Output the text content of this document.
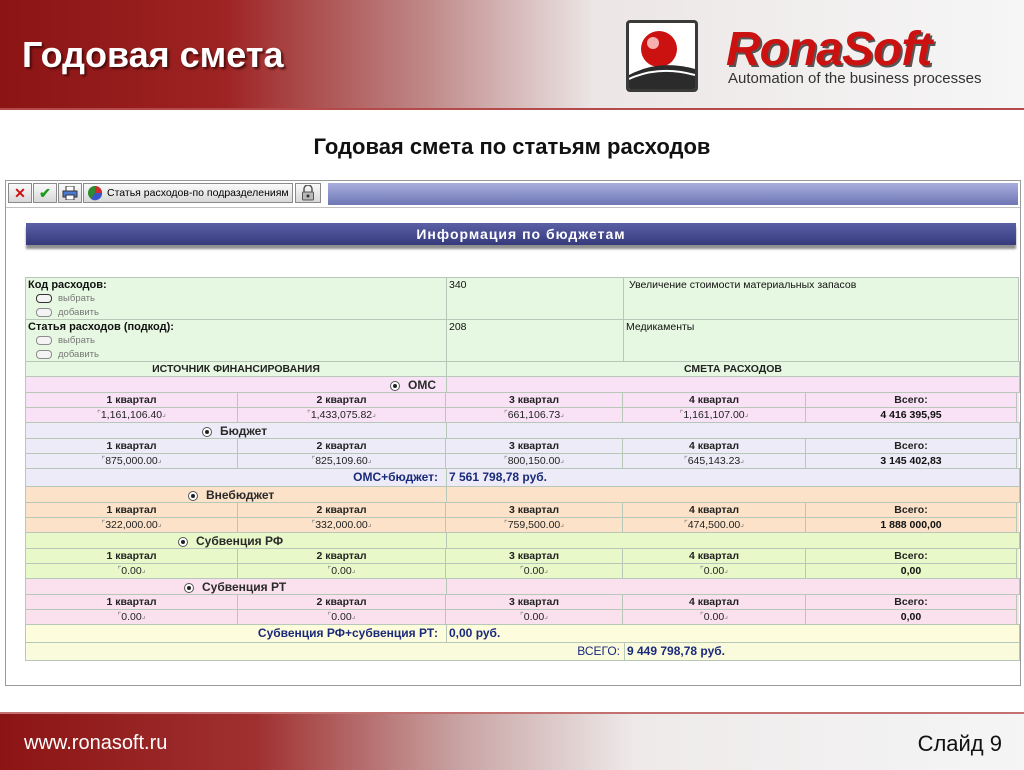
Годовая смета	RonaSoft
Automation of the business processes
Годовая смета по статьям расходов
✕ ✔	Статья расходов-по подразделениям
Информация по бюджетам
Код расходов:
выбрать
добавить
340	Увеличение стоимости материальных запасов
Статья расходов (подкод):
выбрать
добавить
208	Медикаменты
ИСТОЧНИК ФИНАНСИРОВАНИЯ	СМЕТА РАСХОДОВ
ОМС
1 квартал	2 квартал	3 квартал	4 квартал	Всего:
⌜1,161,106.40⌟	⌜1,433,075.82⌟	⌜661,106.73⌟	⌜1,161,107.00⌟	4 416 395,95
Бюджет
1 квартал	2 квартал	3 квартал	4 квартал	Всего:
⌜875,000.00⌟	⌜825,109.60⌟	⌜800,150.00⌟	⌜645,143.23⌟	3 145 402,83
ОМС+бюджет: 7 561 798,78 руб.
Внебюджет
1 квартал	2 квартал	3 квартал	4 квартал	Всего:
⌜322,000.00⌟	⌜332,000.00⌟	⌜759,500.00⌟	⌜474,500.00⌟	1 888 000,00
Субвенция РФ
1 квартал	2 квартал	3 квартал	4 квартал	Всего:
⌜0.00⌟	⌜0.00⌟	⌜0.00⌟	⌜0.00⌟	0,00
Субвенция РТ
1 квартал	2 квартал	3 квартал	4 квартал	Всего:
⌜0.00⌟	⌜0.00⌟	⌜0.00⌟	⌜0.00⌟	0,00
Субвенция РФ+субвенция РТ: 0,00 руб.
ВСЕГО: 9 449 798,78 руб.
www.ronasoft.ru	Слайд 9
